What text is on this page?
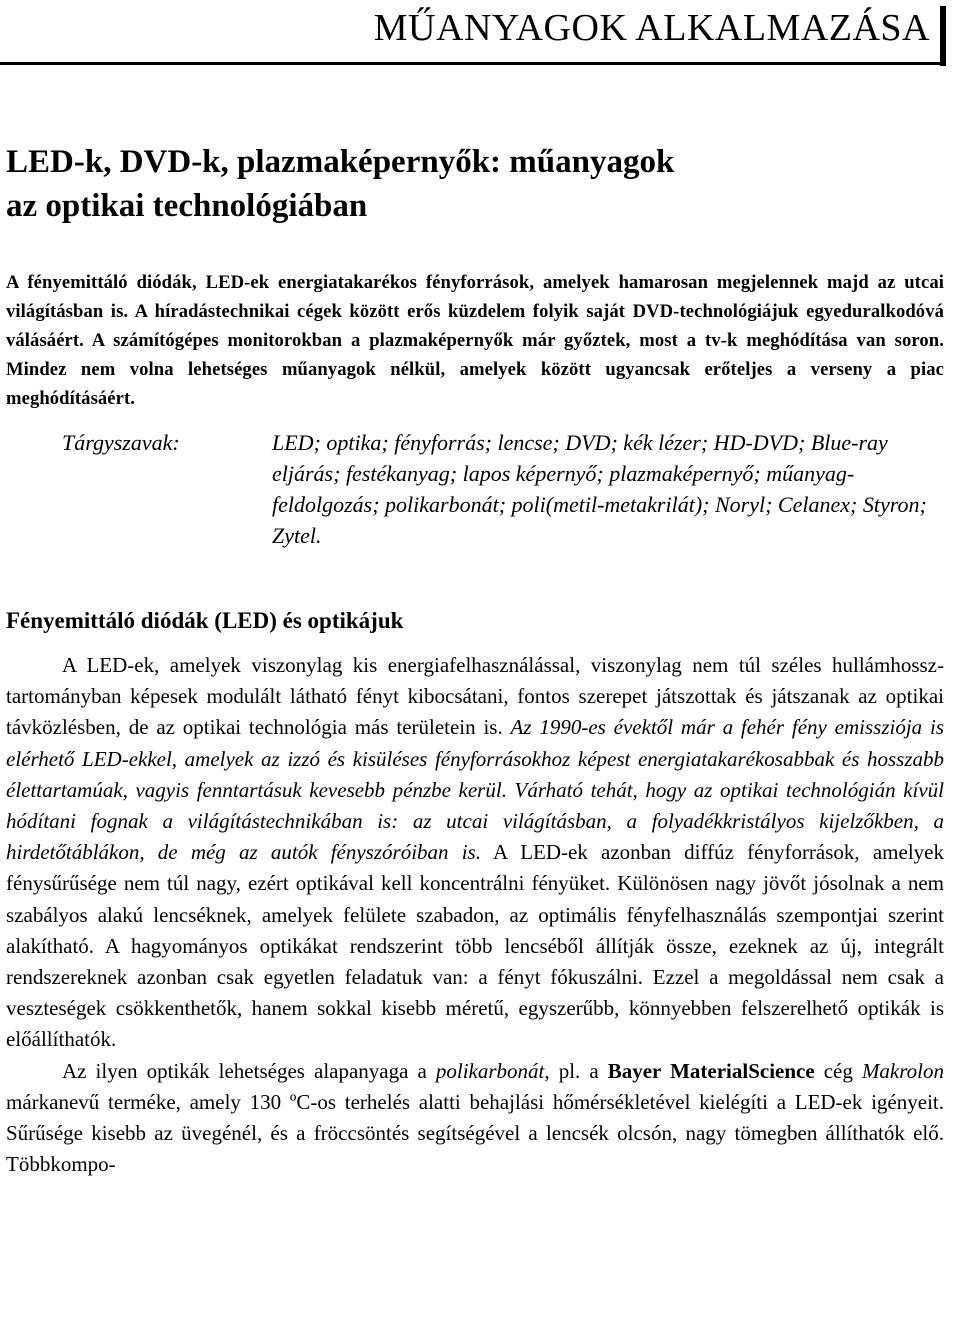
MŰANYAGOK ALKALMAZÁSA
LED-k, DVD-k, plazmaképernyők: műanyagok
az optikai technológiában
A fényemittáló diódák, LED-ek energiatakarékos fényforrások, amelyek hamarosan megjelennek majd az utcai világításban is. A híradástechnikai cégek között erős küzdelem folyik saját DVD-technológiájuk egyeduralkodóvá válásáért. A számítógépes monitorokban a plazmaképernyők már győztek, most a tv-k meghódítása van soron. Mindez nem volna lehetséges műanyagok nélkül, amelyek között ugyancsak erőteljes a verseny a piac meghódításáért.
Tárgyszavak:	LED; optika; fényforrás; lencse; DVD; kék lézer; HD-DVD; Blue-ray eljárás; festékanyag; lapos képernyő; plazmaképernyő; műanyag-feldolgozás; polikarbonát; poli(metil-metakrilát); Noryl; Celanex; Styron; Zytel.
Fényemittáló diódák (LED) és optikájuk

A LED-ek, amelyek viszonylag kis energiafelhasználással, viszonylag nem túl széles hullámhossz-tartományban képesek modulált látható fényt kibocsátani, fontos szerepet játszottak és játszanak az optikai távközlésben, de az optikai technológia más területein is. Az 1990-es évektől már a fehér fény emissziója is elérhető LED-ekkel, amelyek az izzó és kisüléses fényforrásokhoz képest energiatakarékosabbak és hosszabb élettartamúak, vagyis fenntartásuk kevesebb pénzbe kerül. Várható tehát, hogy az optikai technológián kívül hódítani fognak a világítástechnikában is: az utcai világításban, a folyadékkristályos kijelzőkben, a hirdetőtáblákon, de még az autók fényszóróiban is. A LED-ek azonban diffúz fényforrások, amelyek fénysűrűsége nem túl nagy, ezért optikával kell koncentrálni fényüket. Különösen nagy jövőt jósolnak a nem szabályos alakú lencséknek, amelyek felülete szabadon, az optimális fényfelhasználás szempontjai szerint alakítható. A hagyományos optikákat rendszerint több lencséből állítják össze, ezeknek az új, integrált rendszereknek azonban csak egyetlen feladatuk van: a fényt fókuszálni. Ezzel a megoldással nem csak a veszteségek csökkenthetők, hanem sokkal kisebb méretű, egyszerűbb, könnyebben felszerelhető optikák is előállíthatók.

Az ilyen optikák lehetséges alapanyaga a polikarbonát, pl. a Bayer MaterialScience cég Makrolon márkanevű terméke, amely 130 ºC-os terhelés alatti behajlási hőmérsékletével kielégíti a LED-ek igényeit. Sűrűsége kisebb az üvegénél, és a fröccsöntés segítségével a lencsék olcsón, nagy tömegben állíthatók elő. Többkompo-
